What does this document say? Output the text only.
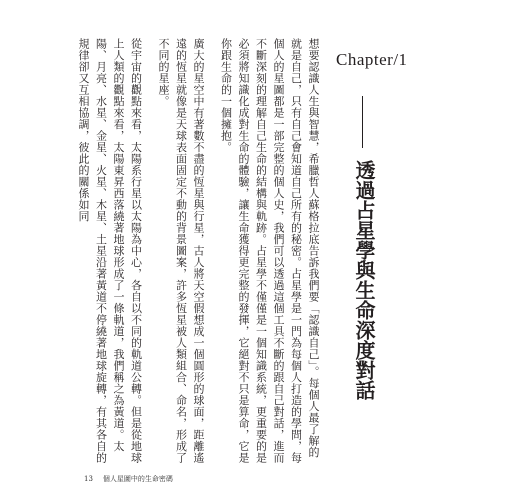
Chapter/1
透過占星學與生命深度對話

想要認識人生與智慧，希臘哲人蘇格拉底告訴我們要「認識自己」。每個人最了解的就是自己，只有自己會知道自己所有的秘密。占星學是一門為每個人打造的學問，每個人的星圖都是一部完整的個人史，我們可以透過這個工具不斷的跟自己對話，進而不斷深刻的理解自己生命的結構與軌跡。占星學不僅僅是一個知識系統，更重要的是必須將知識化成對生命的體驗，讓生命獲得更完整的發揮，它絕對不只是算命，它是你跟生命的一個擁抱。

廣大的星空中有著數不盡的恆星與行星，古人將天空假想成一個圓形的球面，距離遙遠的恆星就像是天球表面固定不動的背景圖案，許多恆星被人類組合、命名，形成了不同的星座。

從宇宙的觀點來看，太陽系行星以太陽為中心，各自以不同的軌道公轉。但是從地球上人類的觀點來看，太陽東昇西落繞著地球形成了一條軌道，我們稱之為黃道。太陽、月亮、水星、金星、火星、木星、土星沿著黃道不停繞著地球旋轉，有其各自的規律卻又互相協調，彼此的關係如同

13 個人星圖中的生命密碼
